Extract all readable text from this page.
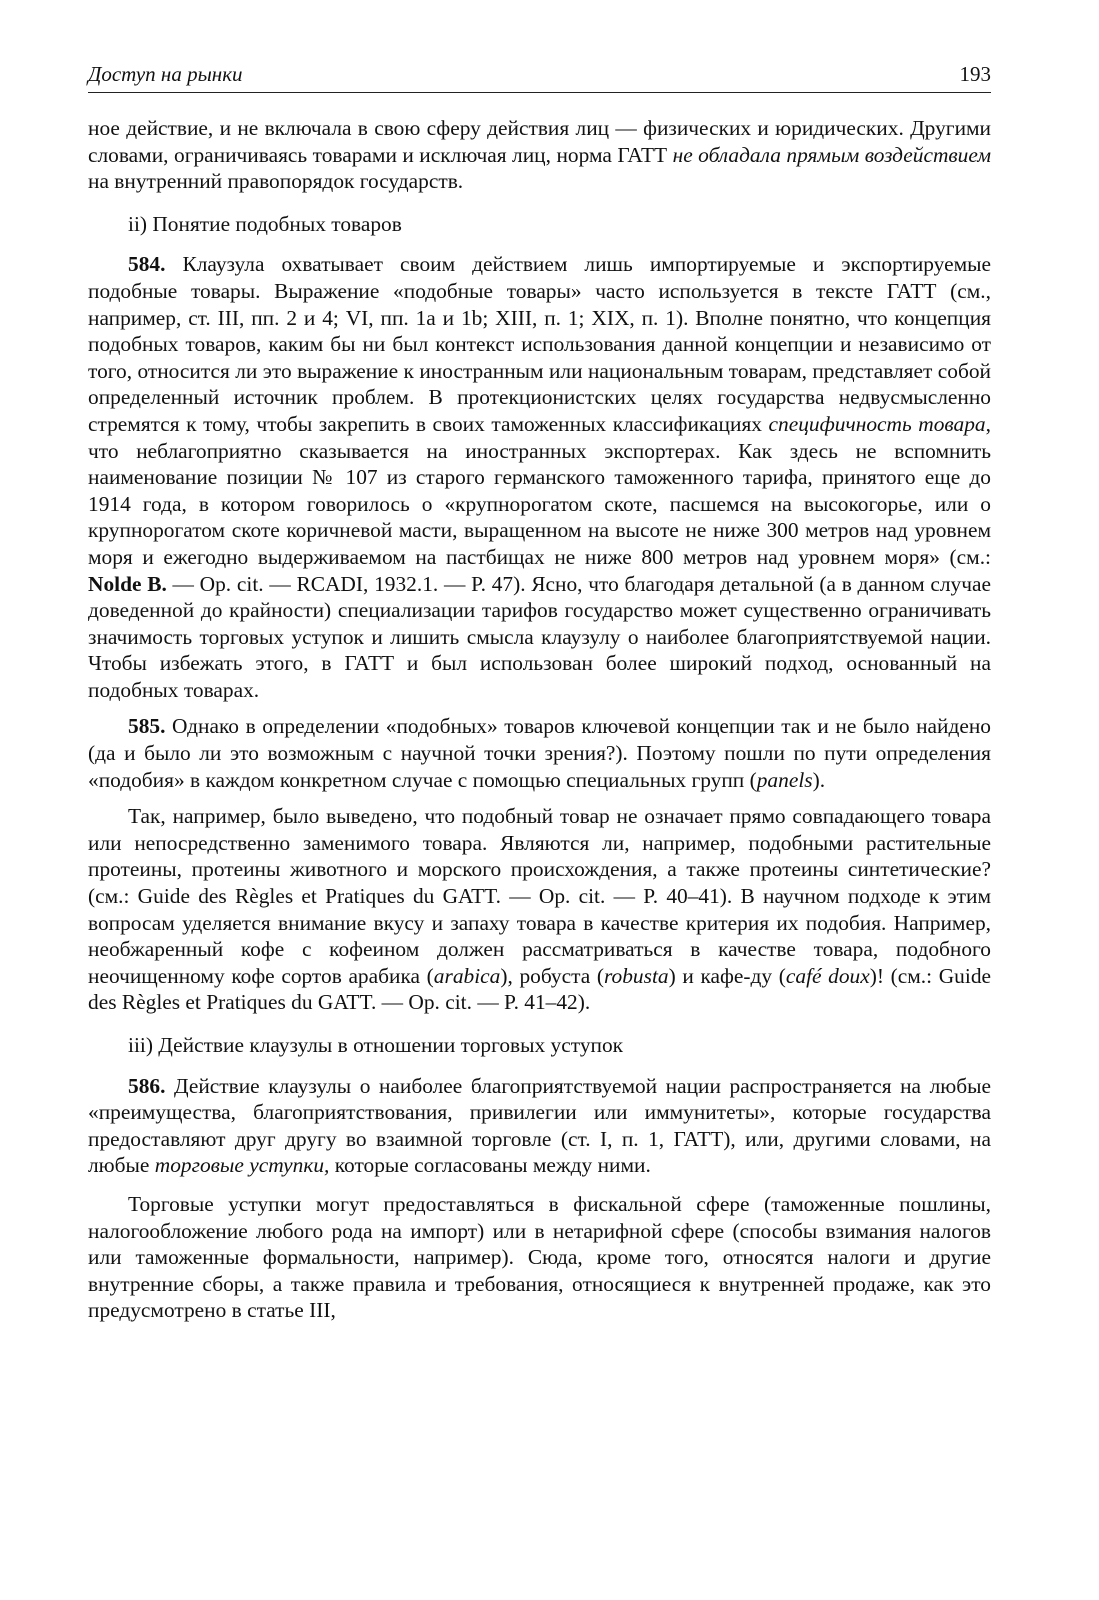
Доступ на рынки	193

ное действие, и не включала в свою сферу действия лиц — физических и юридических. Другими словами, ограничиваясь товарами и исключая лиц, норма ГАТТ не обладала прямым воздействием на внутренний правопорядок государств.

ii) Понятие подобных товаров

584. Клаузула охватывает своим действием лишь импортируемые и экспортируемые подобные товары. Выражение «подобные товары» часто используется в тексте ГАТТ (см., например, ст. III, пп. 2 и 4; VI, пп. 1а и 1b; XIII, п. 1; XIX, п. 1). Вполне понятно, что концепция подобных товаров, каким бы ни был контекст использования данной концепции и независимо от того, относится ли это выражение к иностранным или национальным товарам, представляет собой определенный источник проблем. В протекционистских целях государства недвусмысленно стремятся к тому, чтобы закрепить в своих таможенных классификациях специфичность товара, что неблагоприятно сказывается на иностранных экспортерах. Как здесь не вспомнить наименование позиции № 107 из старого германского таможенного тарифа, принятого еще до 1914 года, в котором говорилось о «крупнорогатом скоте, пасшемся на высокогорье, или о крупнорогатом скоте коричневой масти, выращенном на высоте не ниже 300 метров над уровнем моря и ежегодно выдерживаемом на пастбищах не ниже 800 метров над уровнем моря» (см.: Nolde B. — Op. cit. — RCADI, 1932.1. — P. 47). Ясно, что благодаря детальной (а в данном случае доведенной до крайности) специализации тарифов государство может существенно ограничивать значимость торговых уступок и лишить смысла клаузулу о наиболее благоприятствуемой нации. Чтобы избежать этого, в ГАТТ и был использован более широкий подход, основанный на подобных товарах.

585. Однако в определении «подобных» товаров ключевой концепции так и не было найдено (да и было ли это возможным с научной точки зрения?). Поэтому пошли по пути определения «подобия» в каждом конкретном случае с помощью специальных групп (panels).

Так, например, было выведено, что подобный товар не означает прямо совпадающего товара или непосредственно заменимого товара. Являются ли, например, подобными растительные протеины, протеины животного и морского происхождения, а также протеины синтетические? (см.: Guide des Règles et Pratiques du GATT. — Op. cit. — P. 40–41). В научном подходе к этим вопросам уделяется внимание вкусу и запаху товара в качестве критерия их подобия. Например, необжаренный кофе с кофеином должен рассматриваться в качестве товара, подобного неочищенному кофе сортов арабика (arabica), робуста (robusta) и кафе-ду (café doux)! (см.: Guide des Règles et Pratiques du GATT. — Op. cit. — P. 41–42).

iii) Действие клаузулы в отношении торговых уступок

586. Действие клаузулы о наиболее благоприятствуемой нации распространяется на любые «преимущества, благоприятствования, привилегии или иммунитеты», которые государства предоставляют друг другу во взаимной торговле (ст. I, п. 1, ГАТТ), или, другими словами, на любые торговые уступки, которые согласованы между ними.

Торговые уступки могут предоставляться в фискальной сфере (таможенные пошлины, налогообложение любого рода на импорт) или в нетарифной сфере (способы взимания налогов или таможенные формальности, например). Сюда, кроме того, относятся налоги и другие внутренние сборы, а также правила и требования, относящиеся к внутренней продаже, как это предусмотрено в статье III,
